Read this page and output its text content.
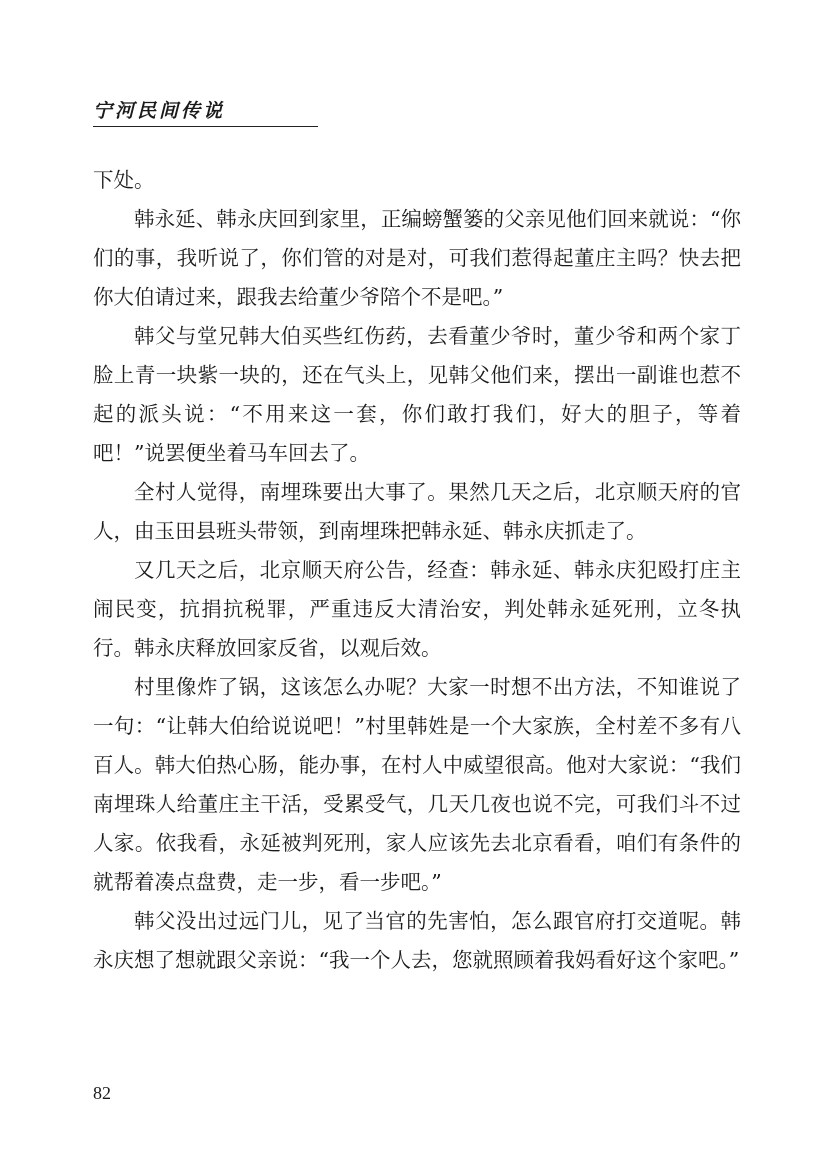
宁河民间传说

下处。

韩永延、韩永庆回到家里，正编螃蟹篓的父亲见他们回来就说：“你们的事，我听说了，你们管的对是对，可我们惹得起董庄主吗？快去把你大伯请过来，跟我去给董少爷陪个不是吧。”

韩父与堂兄韩大伯买些红伤药，去看董少爷时，董少爷和两个家丁脸上青一块紫一块的，还在气头上，见韩父他们来，摆出一副谁也惹不起的派头说：“不用来这一套，你们敢打我们，好大的胆子，等着吧！”说罢便坐着马车回去了。

全村人觉得，南埋珠要出大事了。果然几天之后，北京顺天府的官人，由玉田县班头带领，到南埋珠把韩永延、韩永庆抓走了。

又几天之后，北京顺天府公告，经查：韩永延、韩永庆犯殴打庄主闹民变，抗捐抗税罪，严重违反大清治安，判处韩永延死刑，立冬执行。韩永庆释放回家反省，以观后效。

村里像炸了锅，这该怎么办呢？大家一时想不出方法，不知谁说了一句：“让韩大伯给说说吧！”村里韩姓是一个大家族，全村差不多有八百人。韩大伯热心肠，能办事，在村人中威望很高。他对大家说：“我们南埋珠人给董庄主干活，受累受气，几天几夜也说不完，可我们斗不过人家。依我看，永延被判死刑，家人应该先去北京看看，咱们有条件的就帮着凑点盘费，走一步，看一步吧。”

韩父没出过远门儿，见了当官的先害怕，怎么跟官府打交道呢。韩永庆想了想就跟父亲说：“我一个人去，您就照顾着我妈看好这个家吧。”

82
